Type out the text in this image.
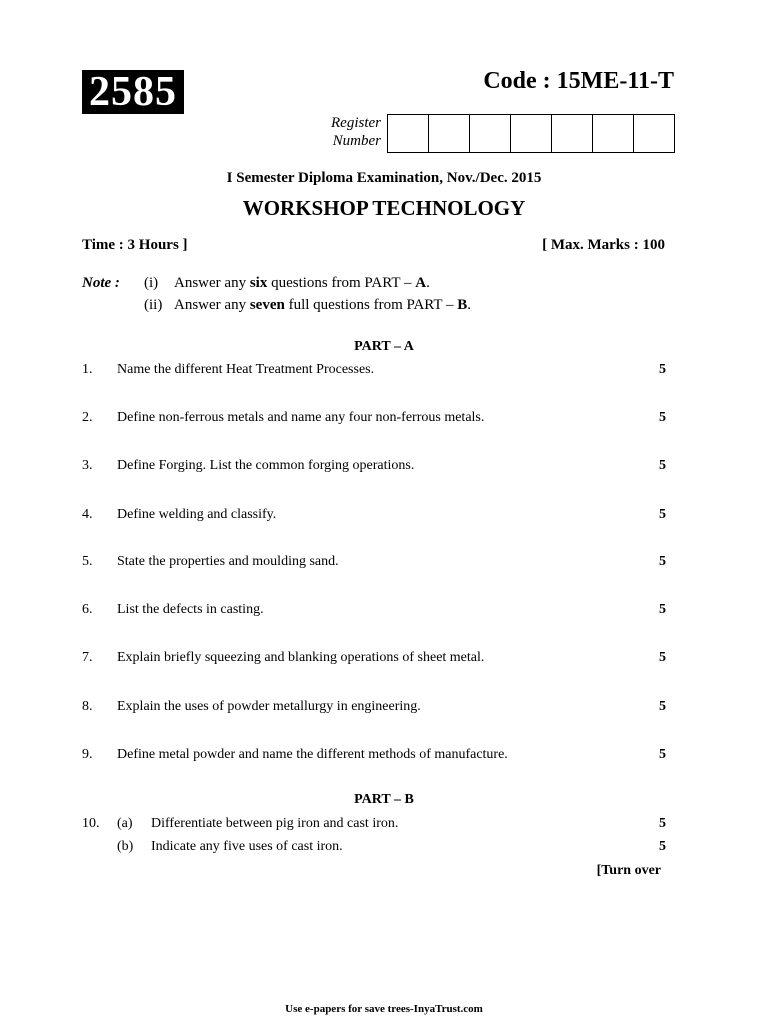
2585	Code : 15ME-11-T
Register
Number
I Semester Diploma Examination, Nov./Dec. 2015
WORKSHOP TECHNOLOGY
Time : 3 Hours ]	[ Max. Marks : 100
Note : (i) Answer any six questions from PART – A.
(ii) Answer any seven full questions from PART – B.
PART – A
1.	Name the different Heat Treatment Processes.	5
2.	Define non-ferrous metals and name any four non-ferrous metals.	5
3.	Define Forging. List the common forging operations.	5
4.	Define welding and classify.	5
5.	State the properties and moulding sand.	5
6.	List the defects in casting.	5
7.	Explain briefly squeezing and blanking operations of sheet metal.	5
8.	Explain the uses of powder metallurgy in engineering.	5
9.	Define metal powder and name the different methods of manufacture.	5
PART – B
10. (a)	Differentiate between pig iron and cast iron.	5
(b)	Indicate any five uses of cast iron.	5
[Turn over
Use e-papers for save trees-InyaTrust.com
